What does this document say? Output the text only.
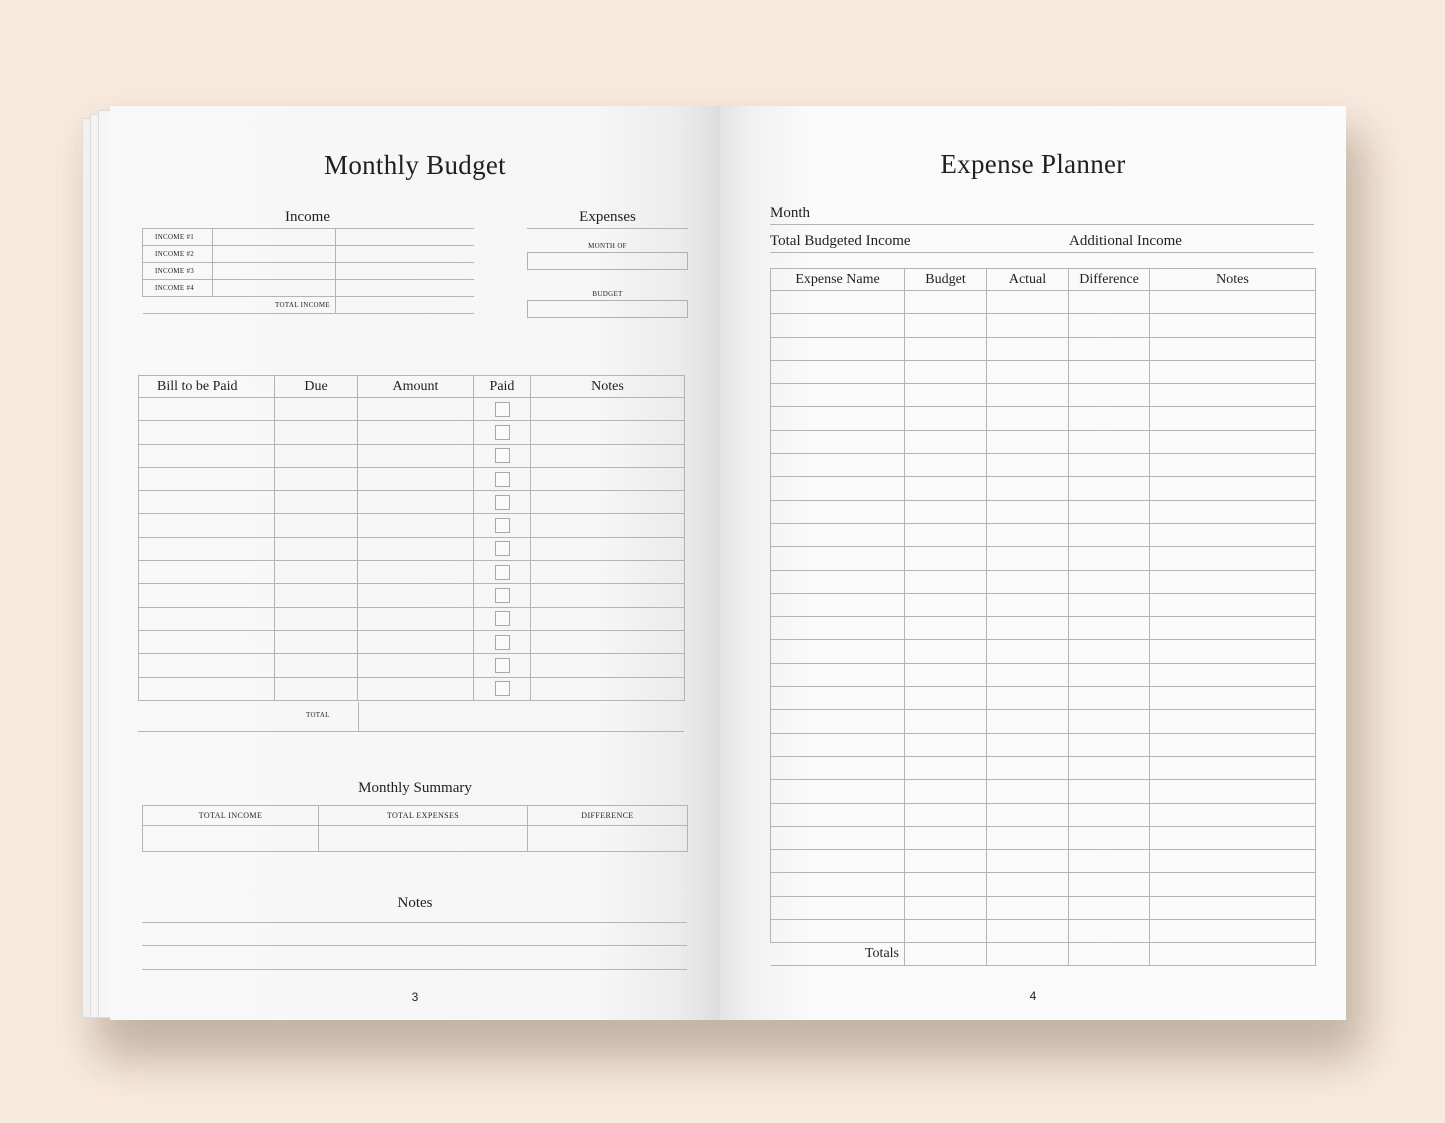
Monthly Budget
Income
INCOME #1		
INCOME #2		
INCOME #3		
INCOME #4		
TOTAL INCOME		
Expenses
MONTH OF
BUDGET
Bill to be Paid	Due	Amount	Paid	Notes

TOTAL
Monthly Summary
TOTAL INCOME	TOTAL EXPENSES	DIFFERENCE

Notes
3
Expense Planner
Month
Total Budgeted Income	Additional Income
Expense Name	Budget	Actual	Difference	Notes

Totals				
4
